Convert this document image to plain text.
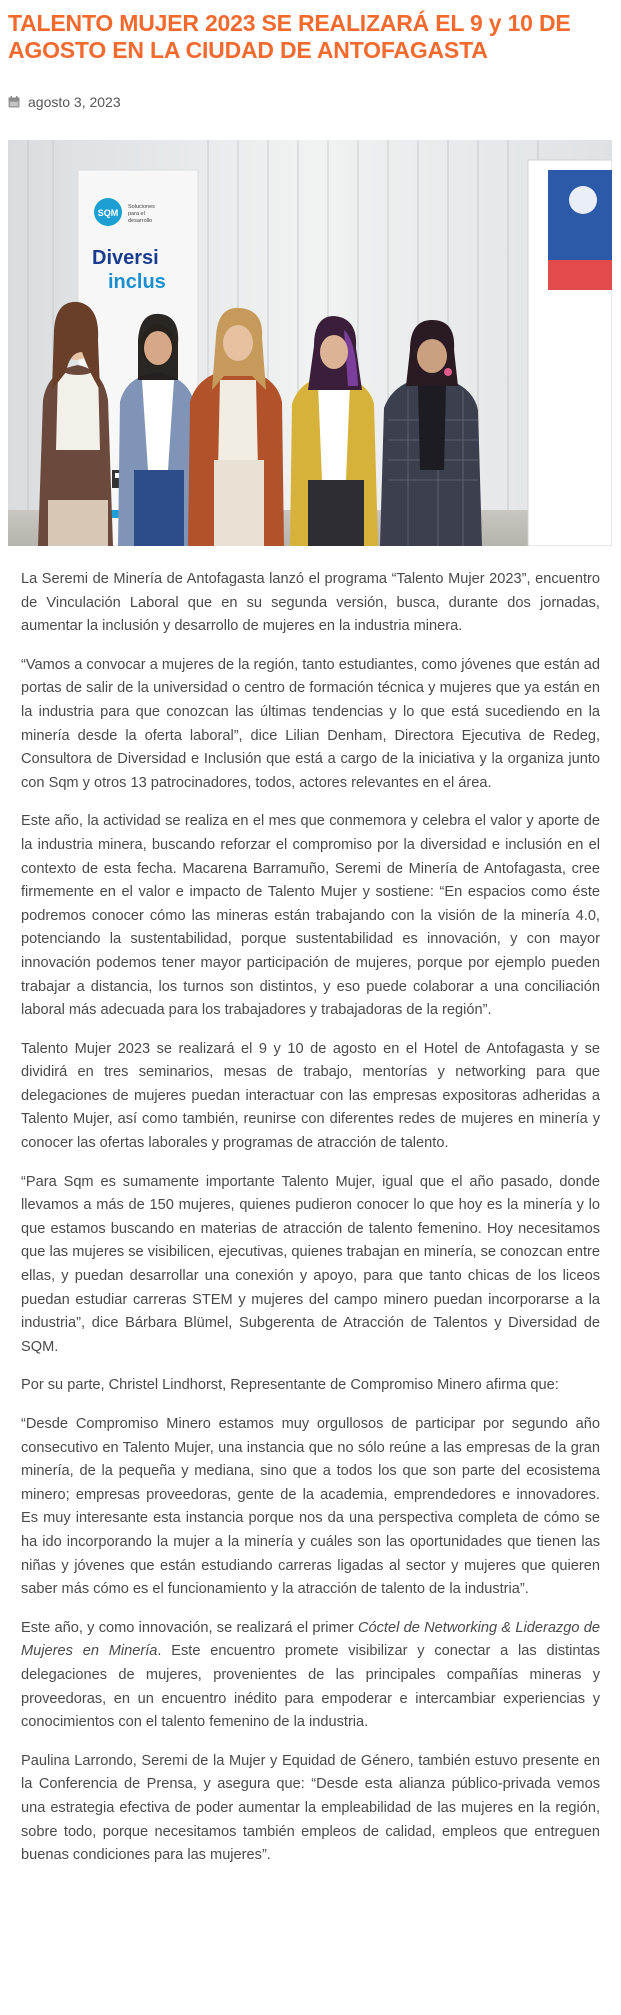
TALENTO MUJER 2023 SE REALIZARÁ EL 9 y 10 DE AGOSTO EN LA CIUDAD DE ANTOFAGASTA
agosto 3, 2023
SQM
Soluciones
para el
desarrollo
Diversi
inclus

La Seremi de Minería de Antofagasta lanzó el programa “Talento Mujer 2023”, encuentro de Vinculación Laboral que en su segunda versión, busca, durante dos jornadas, aumentar la inclusión y desarrollo de mujeres en la industria minera.

“Vamos a convocar a mujeres de la región, tanto estudiantes, como jóvenes que están ad portas de salir de la universidad o centro de formación técnica y mujeres que ya están en la industria para que conozcan las últimas tendencias y lo que está sucediendo en la minería desde la oferta laboral”, dice Lilian Denham, Directora Ejecutiva de Redeg, Consultora de Diversidad e Inclusión que está a cargo de la iniciativa y la organiza junto con Sqm y otros 13 patrocinadores, todos, actores relevantes en el área.

Este año, la actividad se realiza en el mes que conmemora y celebra el valor y aporte de la industria minera, buscando reforzar el compromiso por la diversidad e inclusión en el contexto de esta fecha. Macarena Barramuño, Seremi de Minería de Antofagasta, cree firmemente en el valor e impacto de Talento Mujer y sostiene: “En espacios como éste podremos conocer cómo las mineras están trabajando con la visión de la minería 4.0, potenciando la sustentabilidad, porque sustentabilidad es innovación, y con mayor innovación podemos tener mayor participación de mujeres, porque por ejemplo pueden trabajar a distancia, los turnos son distintos, y eso puede colaborar a una conciliación laboral más adecuada para los trabajadores y trabajadoras de la región”.

Talento Mujer 2023 se realizará el 9 y 10 de agosto en el Hotel de Antofagasta y se dividirá en tres seminarios, mesas de trabajo, mentorías y networking para que delegaciones de mujeres puedan interactuar con las empresas expositoras adheridas a Talento Mujer, así como también, reunirse con diferentes redes de mujeres en minería y conocer las ofertas laborales y programas de atracción de talento.

“Para Sqm es sumamente importante Talento Mujer, igual que el año pasado, donde llevamos a más de 150 mujeres, quienes pudieron conocer lo que hoy es la minería y lo que estamos buscando en materias de atracción de talento femenino. Hoy necesitamos que las mujeres se visibilicen, ejecutivas, quienes trabajan en minería, se conozcan entre ellas, y puedan desarrollar una conexión y apoyo, para que tanto chicas de los liceos puedan estudiar carreras STEM y mujeres del campo minero puedan incorporarse a la industria”, dice Bárbara Blümel, Subgerenta de Atracción de Talentos y Diversidad de SQM.

Por su parte, Christel Lindhorst, Representante de Compromiso Minero afirma que:

“Desde Compromiso Minero estamos muy orgullosos de participar por segundo año consecutivo en Talento Mujer, una instancia que no sólo reúne a las empresas de la gran minería, de la pequeña y mediana, sino que a todos los que son parte del ecosistema minero; empresas proveedoras, gente de la academia, emprendedores e innovadores. Es muy interesante esta instancia porque nos da una perspectiva completa de cómo se ha ido incorporando la mujer a la minería y cuáles son las oportunidades que tienen las niñas y jóvenes que están estudiando carreras ligadas al sector y mujeres que quieren saber más cómo es el funcionamiento y la atracción de talento de la industria”.

Este año, y como innovación, se realizará el primer Cóctel de Networking & Liderazgo de Mujeres en Minería. Este encuentro promete visibilizar y conectar a las distintas delegaciones de mujeres, provenientes de las principales compañías mineras y proveedoras, en un encuentro inédito para empoderar e intercambiar experiencias y conocimientos con el talento femenino de la industria.

Paulina Larrondo, Seremi de la Mujer y Equidad de Género, también estuvo presente en la Conferencia de Prensa, y asegura que: “Desde esta alianza público-privada vemos una estrategia efectiva de poder aumentar la empleabilidad de las mujeres en la región, sobre todo, porque necesitamos también empleos de calidad, empleos que entreguen buenas condiciones para las mujeres”.
